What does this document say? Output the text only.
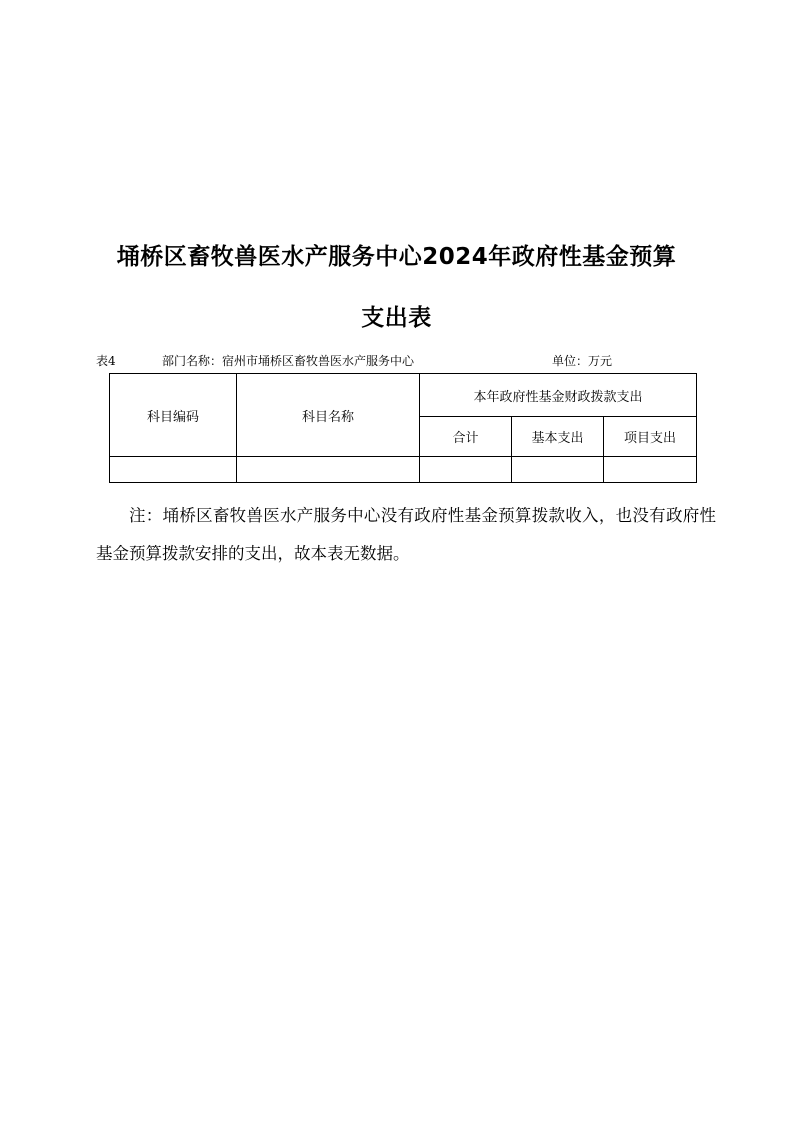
埇桥区畜牧兽医水产服务中心2024年政府性基金预算
支出表
表4	部门名称：宿州市埇桥区畜牧兽医水产服务中心	单位：万元
科目编码	科目名称	本年政府性基金财政拨款支出		
		合计	基本支出	项目支出

注：埇桥区畜牧兽医水产服务中心没有政府性基金预算拨款收入，也没有政府性基金预算拨款安排的支出，故本表无数据。
